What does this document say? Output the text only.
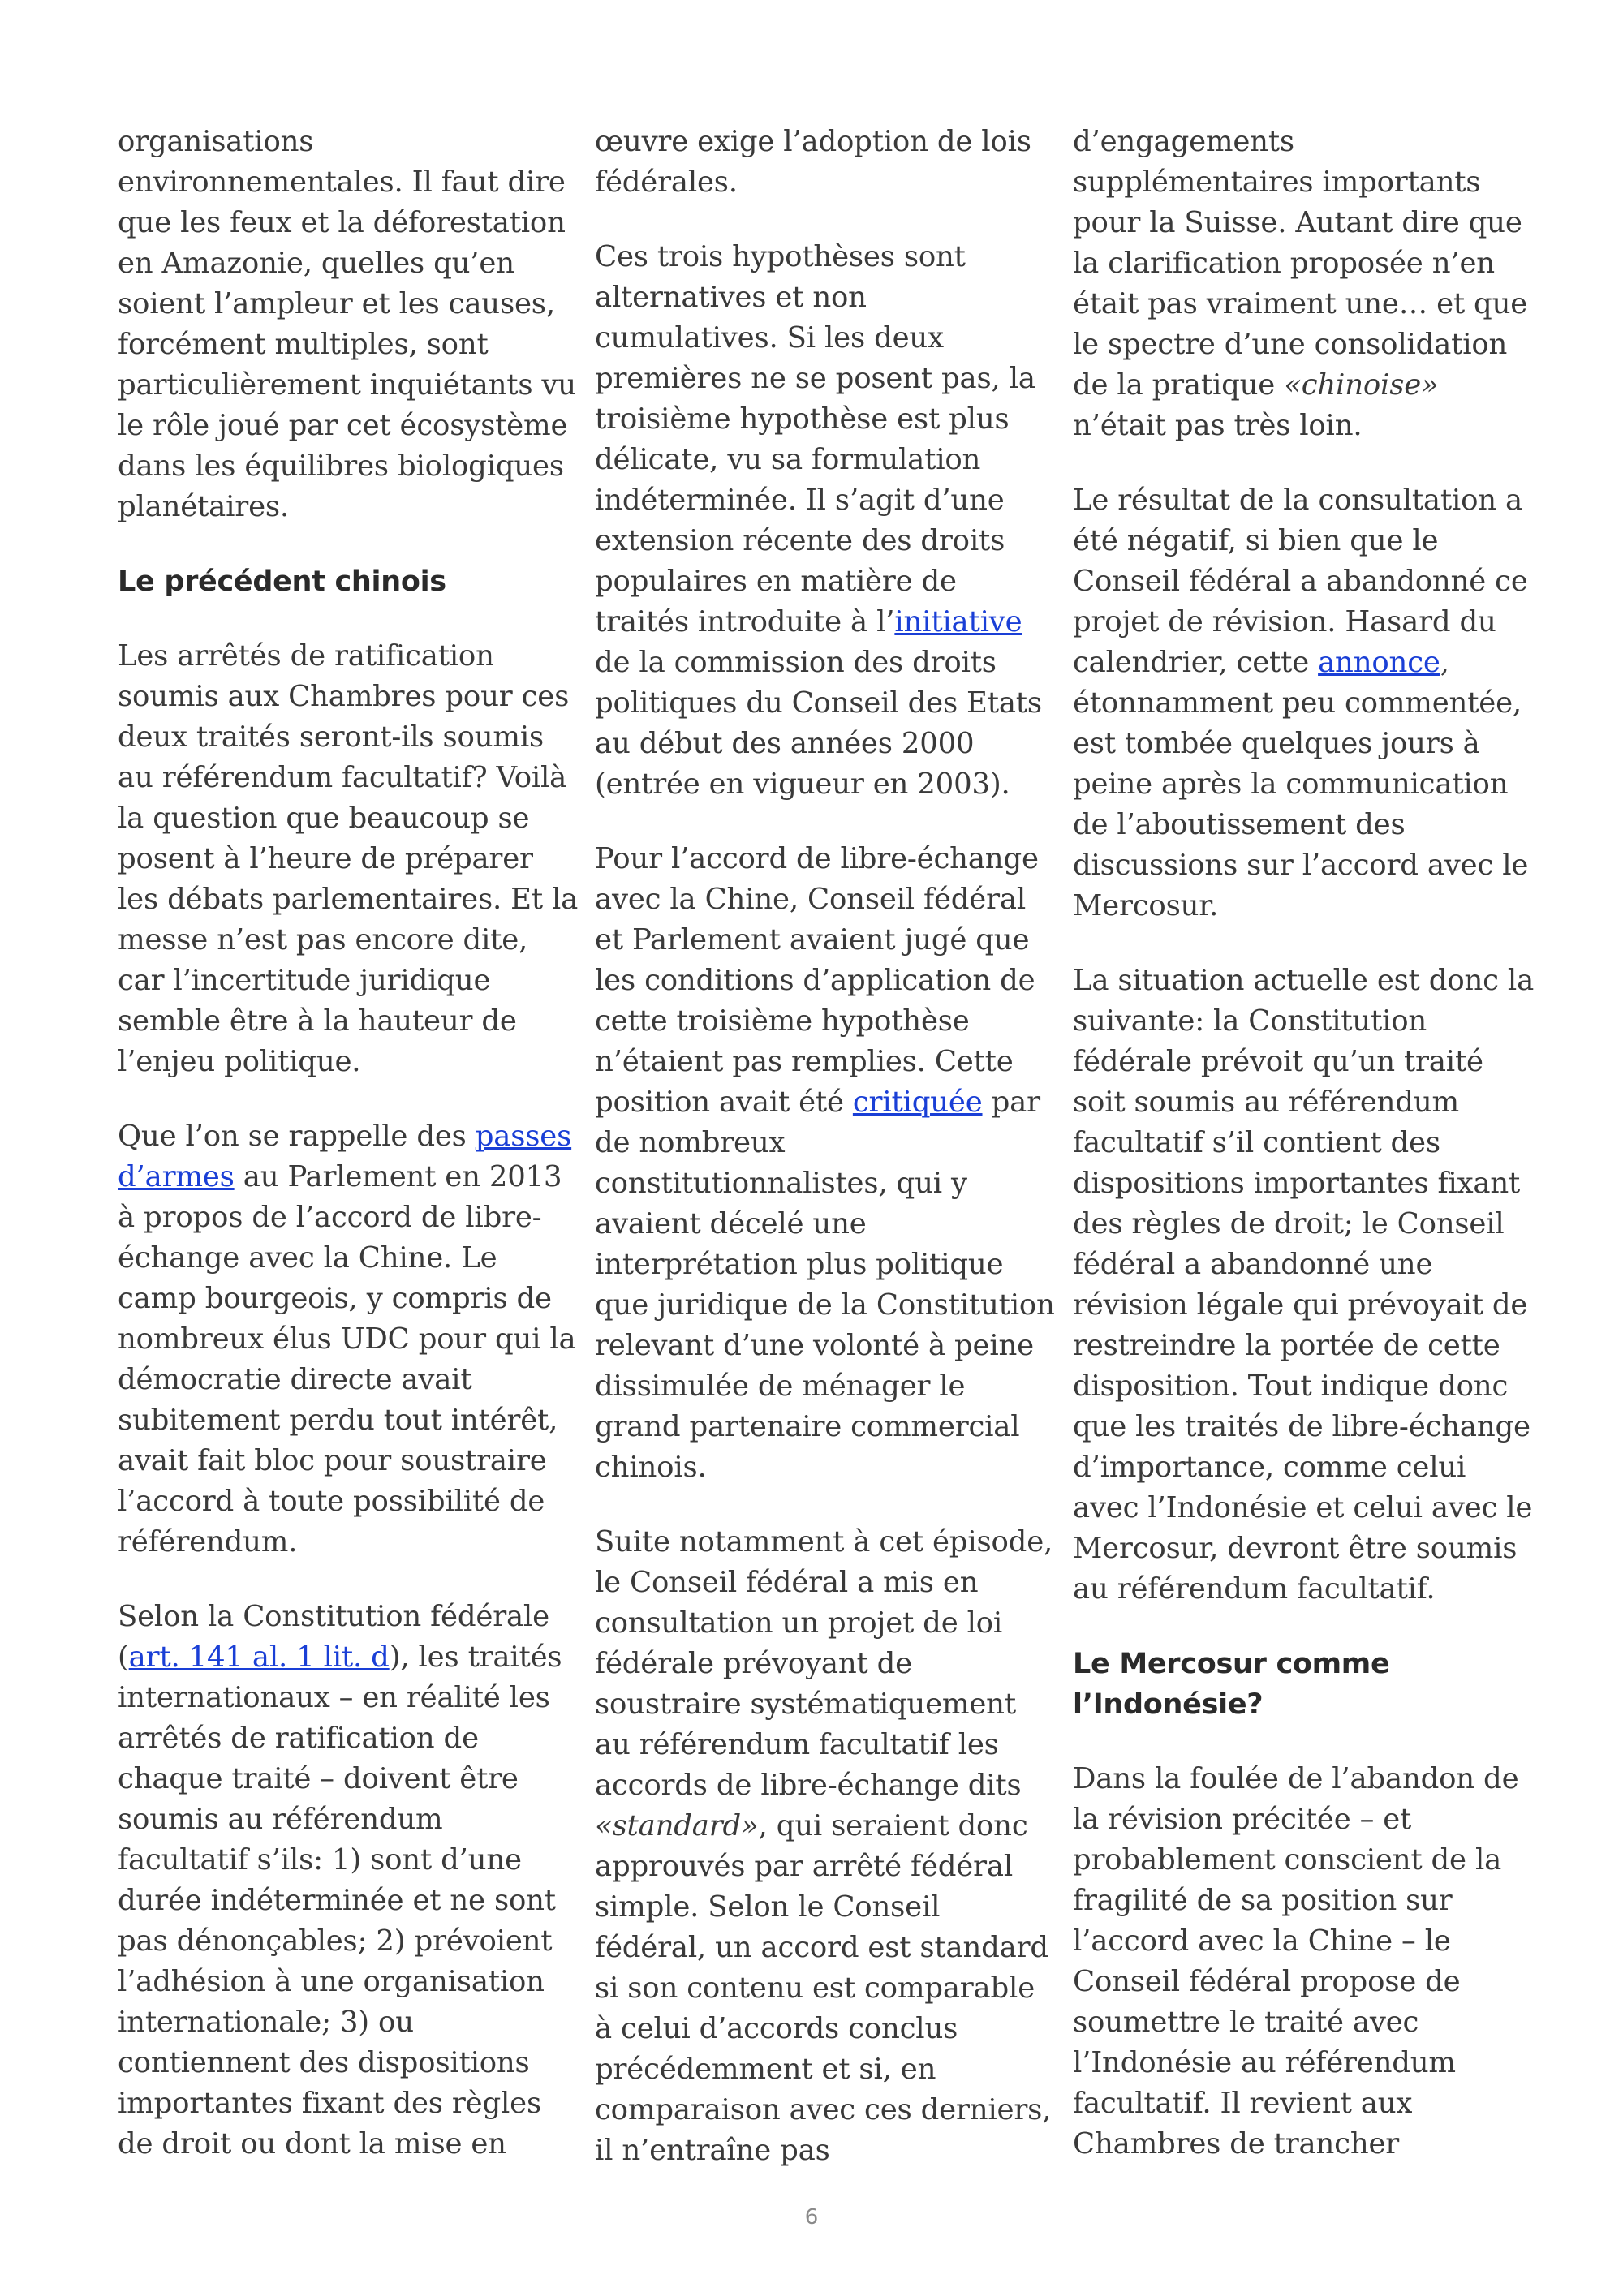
organisations
environnementales. Il faut dire
que les feux et la déforestation
en Amazonie, quelles qu’en
soient l’ampleur et les causes,
forcément multiples, sont
particulièrement inquiétants vu
le rôle joué par cet écosystème
dans les équilibres biologiques
planétaires.
Le précédent chinois
Les arrêtés de ratification
soumis aux Chambres pour ces
deux traités seront-ils soumis
au référendum facultatif? Voilà
la question que beaucoup se
posent à l’heure de préparer
les débats parlementaires. Et la
messe n’est pas encore dite,
car l’incertitude juridique
semble être à la hauteur de
l’enjeu politique.
Que l’on se rappelle des passes
d’armes au Parlement en 2013
à propos de l’accord de libre-
échange avec la Chine. Le
camp bourgeois, y compris de
nombreux élus UDC pour qui la
démocratie directe avait
subitement perdu tout intérêt,
avait fait bloc pour soustraire
l’accord à toute possibilité de
référendum.
Selon la Constitution fédérale
(art. 141 al. 1 lit. d), les traités
internationaux – en réalité les
arrêtés de ratification de
chaque traité – doivent être
soumis au référendum
facultatif s’ils: 1) sont d’une
durée indéterminée et ne sont
pas dénonçables; 2) prévoient
l’adhésion à une organisation
internationale; 3) ou
contiennent des dispositions
importantes fixant des règles
de droit ou dont la mise en
œuvre exige l’adoption de lois
fédérales.
Ces trois hypothèses sont
alternatives et non
cumulatives. Si les deux
premières ne se posent pas, la
troisième hypothèse est plus
délicate, vu sa formulation
indéterminée. Il s’agit d’une
extension récente des droits
populaires en matière de
traités introduite à l’initiative
de la commission des droits
politiques du Conseil des Etats
au début des années 2000
(entrée en vigueur en 2003).
Pour l’accord de libre-échange
avec la Chine, Conseil fédéral
et Parlement avaient jugé que
les conditions d’application de
cette troisième hypothèse
n’étaient pas remplies. Cette
position avait été critiquée par
de nombreux
constitutionnalistes, qui y
avaient décelé une
interprétation plus politique
que juridique de la Constitution
relevant d’une volonté à peine
dissimulée de ménager le
grand partenaire commercial
chinois.
Suite notamment à cet épisode,
le Conseil fédéral a mis en
consultation un projet de loi
fédérale prévoyant de
soustraire systématiquement
au référendum facultatif les
accords de libre-échange dits
«standard», qui seraient donc
approuvés par arrêté fédéral
simple. Selon le Conseil
fédéral, un accord est standard
si son contenu est comparable
à celui d’accords conclus
précédemment et si, en
comparaison avec ces derniers,
il n’entraîne pas
d’engagements
supplémentaires importants
pour la Suisse. Autant dire que
la clarification proposée n’en
était pas vraiment une… et que
le spectre d’une consolidation
de la pratique «chinoise»
n’était pas très loin.
Le résultat de la consultation a
été négatif, si bien que le
Conseil fédéral a abandonné ce
projet de révision. Hasard du
calendrier, cette annonce,
étonnamment peu commentée,
est tombée quelques jours à
peine après la communication
de l’aboutissement des
discussions sur l’accord avec le
Mercosur.
La situation actuelle est donc la
suivante: la Constitution
fédérale prévoit qu’un traité
soit soumis au référendum
facultatif s’il contient des
dispositions importantes fixant
des règles de droit; le Conseil
fédéral a abandonné une
révision légale qui prévoyait de
restreindre la portée de cette
disposition. Tout indique donc
que les traités de libre-échange
d’importance, comme celui
avec l’Indonésie et celui avec le
Mercosur, devront être soumis
au référendum facultatif.
Le Mercosur comme
l’Indonésie?
Dans la foulée de l’abandon de
la révision précitée – et
probablement conscient de la
fragilité de sa position sur
l’accord avec la Chine – le
Conseil fédéral propose de
soumettre le traité avec
l’Indonésie au référendum
facultatif. Il revient aux
Chambres de trancher
6
